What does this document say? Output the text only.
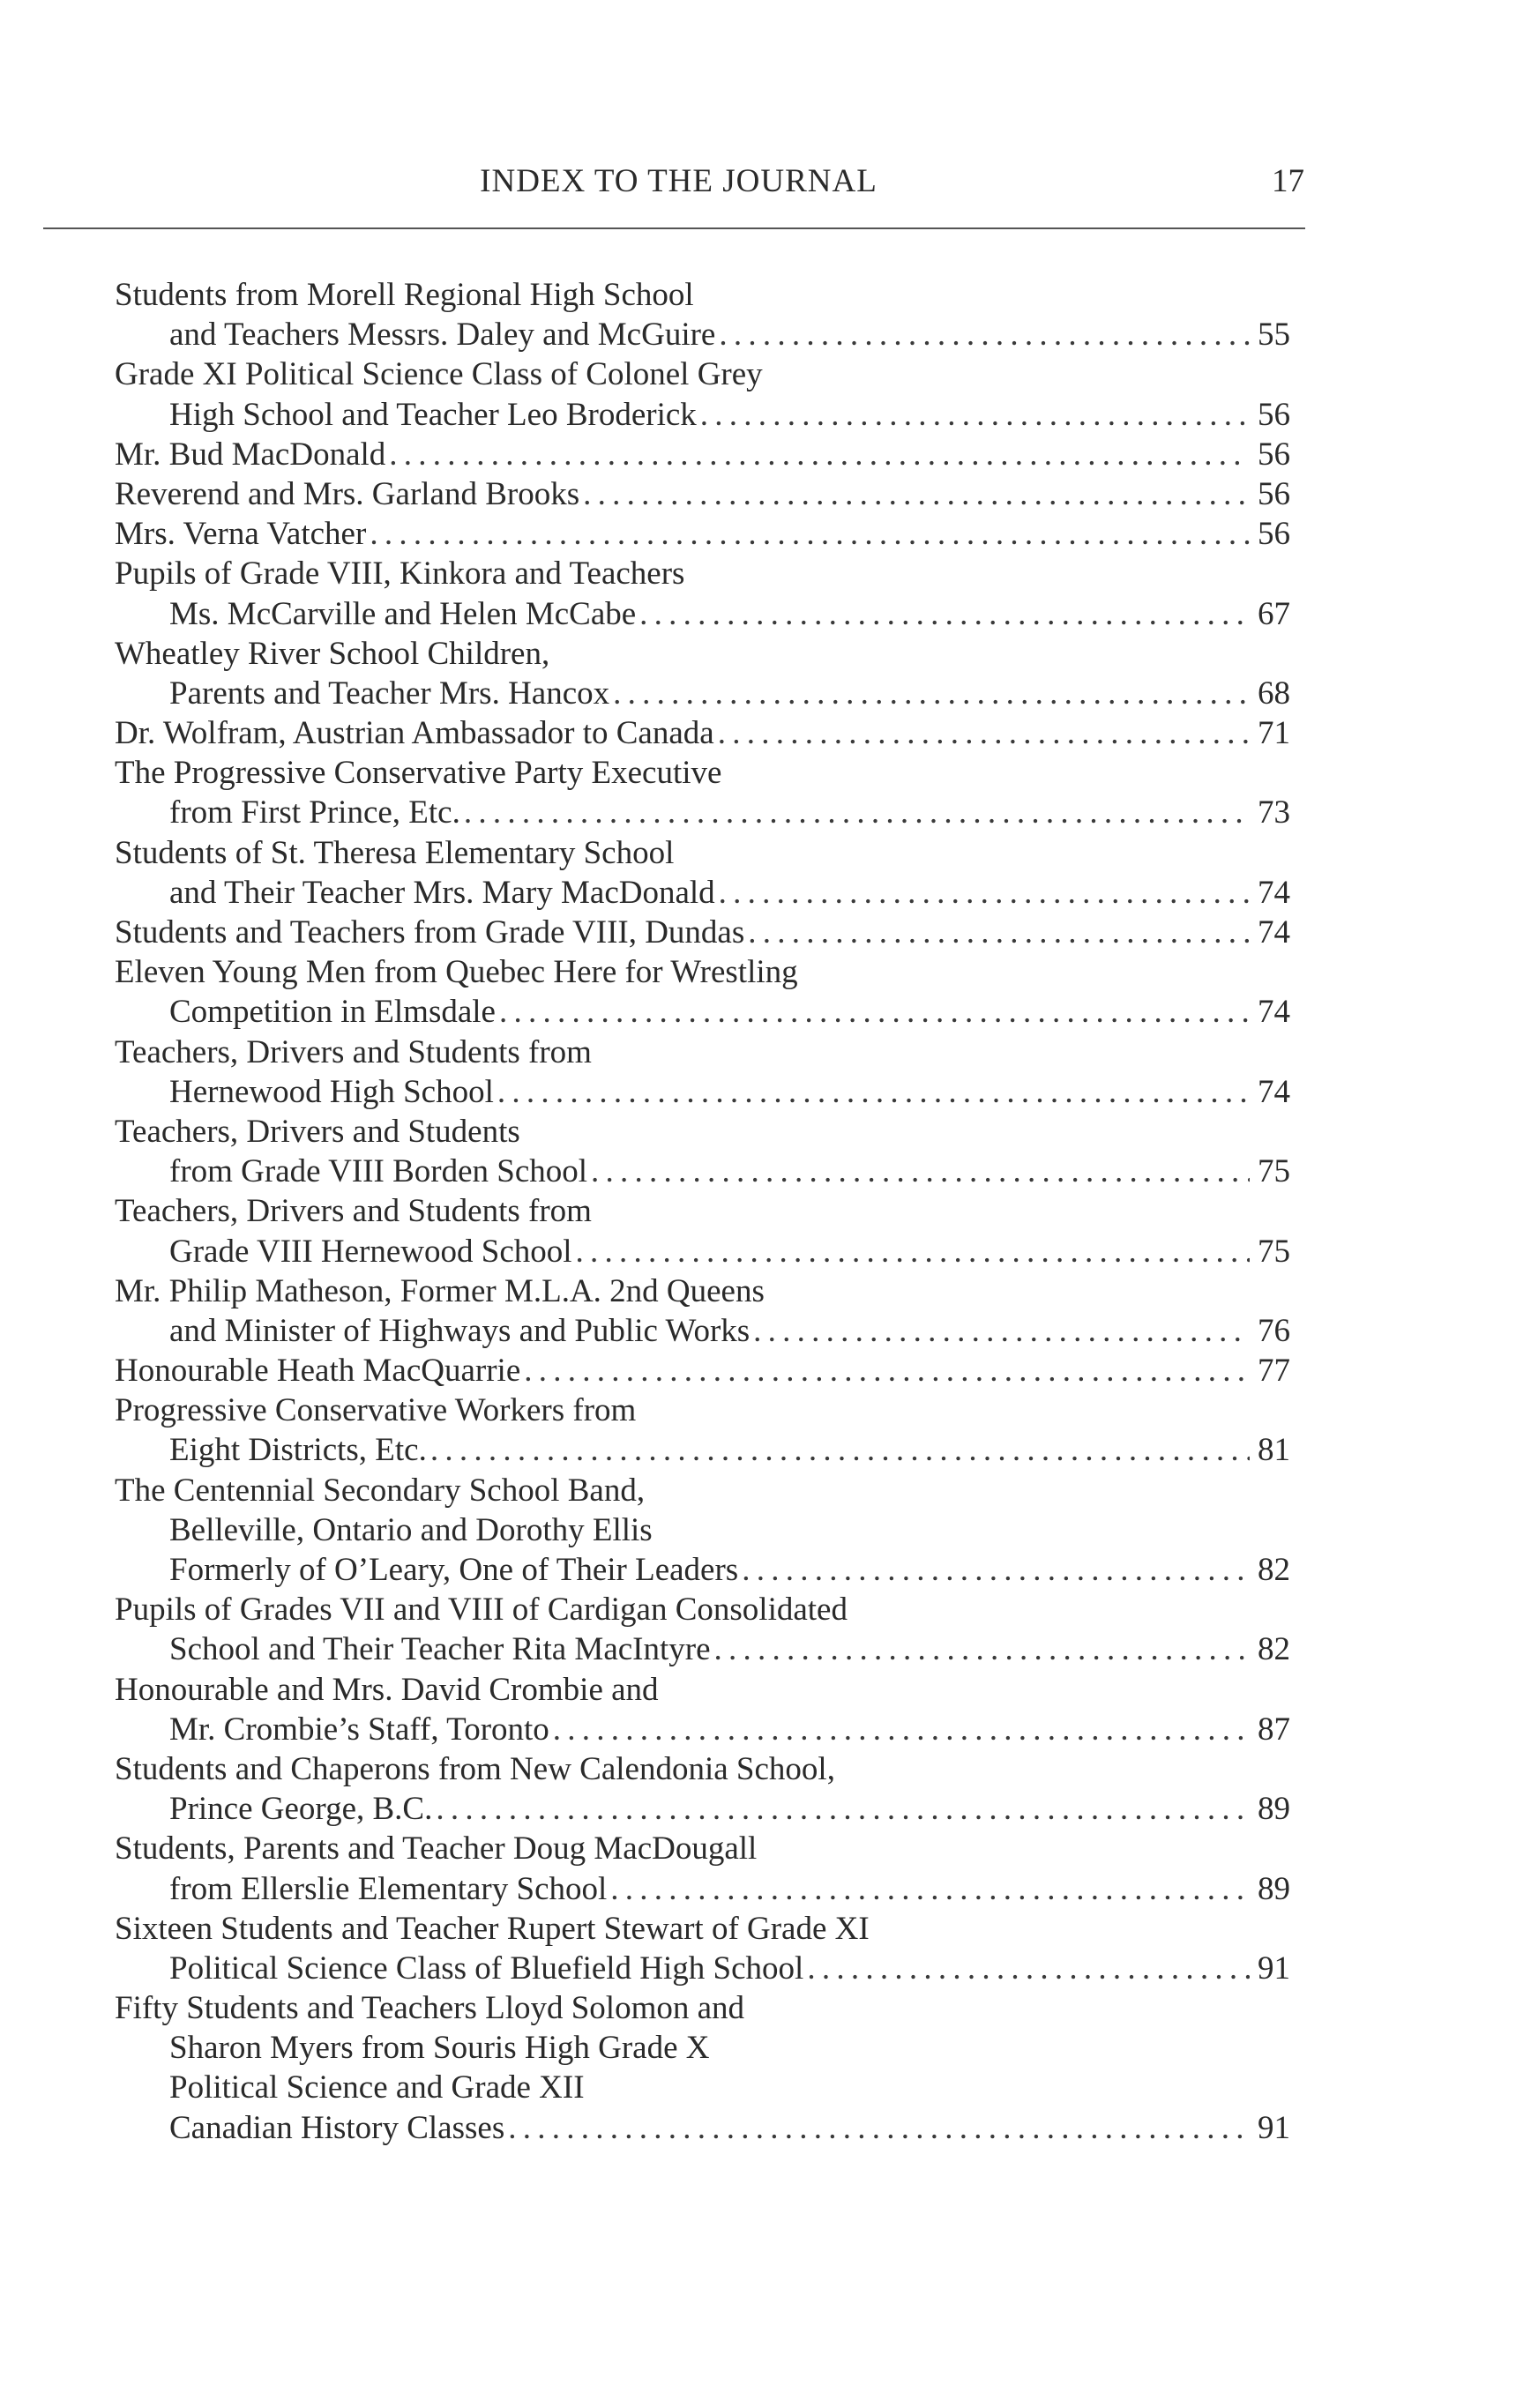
INDEX TO THE JOURNAL	17
Students from Morell Regional High School
and Teachers Messrs. Daley and McGuire . . .	55
Grade XI Political Science Class of Colonel Grey
High School and Teacher Leo Broderick . . .	56
Mr. Bud MacDonald . . .	56
Reverend and Mrs. Garland Brooks . . .	56
Mrs. Verna Vatcher . . .	56
Pupils of Grade VIII, Kinkora and Teachers
Ms. McCarville and Helen McCabe . . .	67
Wheatley River School Children,
Parents and Teacher Mrs. Hancox . . .	68
Dr. Wolfram, Austrian Ambassador to Canada . . .	71
The Progressive Conservative Party Executive
from First Prince, Etc. . . .	73
Students of St. Theresa Elementary School
and Their Teacher Mrs. Mary MacDonald . . .	74
Students and Teachers from Grade VIII, Dundas . . .	74
Eleven Young Men from Quebec Here for Wrestling
Competition in Elmsdale . . .	74
Teachers, Drivers and Students from
Hernewood High School . . .	74
Teachers, Drivers and Students
from Grade VIII Borden School . . .	75
Teachers, Drivers and Students from
Grade VIII Hernewood School . . .	75
Mr. Philip Matheson, Former M.L.A. 2nd Queens
and Minister of Highways and Public Works . . .	76
Honourable Heath MacQuarrie . . .	77
Progressive Conservative Workers from
Eight Districts, Etc. . . .	81
The Centennial Secondary School Band,
Belleville, Ontario and Dorothy Ellis
Formerly of O’Leary, One of Their Leaders . . .	82
Pupils of Grades VII and VIII of Cardigan Consolidated
School and Their Teacher Rita MacIntyre . . .	82
Honourable and Mrs. David Crombie and
Mr. Crombie’s Staff, Toronto . . .	87
Students and Chaperons from New Calendonia School,
Prince George, B.C. . . .	89
Students, Parents and Teacher Doug MacDougall
from Ellerslie Elementary School . . .	89
Sixteen Students and Teacher Rupert Stewart of Grade XI
Political Science Class of Bluefield High School . . .	91
Fifty Students and Teachers Lloyd Solomon and
Sharon Myers from Souris High Grade X
Political Science and Grade XII
Canadian History Classes . . .	91
